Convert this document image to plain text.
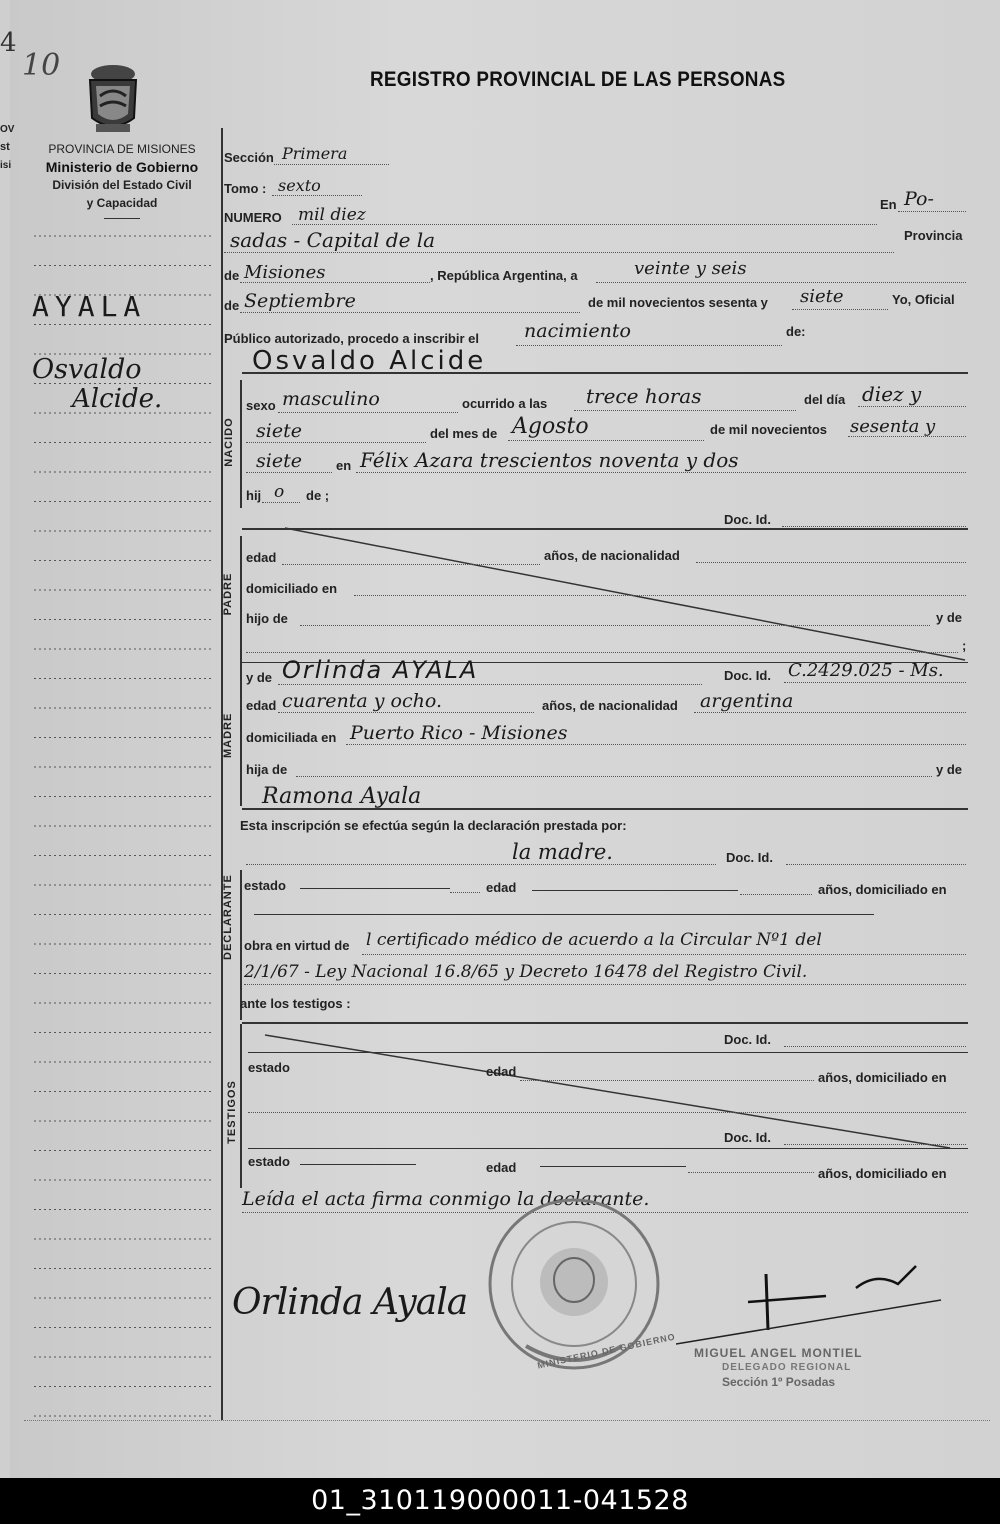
4
10
OV
st
isi
REGISTRO PROVINCIAL DE LAS PERSONAS
PROVINCIA DE MISIONES
Ministerio de Gobierno
División del Estado Civil
y Capacidad
AYALA
Osvaldo
Alcide.
Sección Primera
Tomo : sexto
NUMERO mil diez
En Po-
sadas - Capital de la	Provincia
de Misiones	, República Argentina, a	veinte y seis
de Septiembre	de mil novecientos sesenta y siete	Yo, Oficial
Público autorizado, procedo a inscribir el nacimiento	de:
Osvaldo Alcide
NACIDO
sexo masculino	ocurrido a las trece horas	del día diez y
siete	del mes de Agosto	de mil novecientos sesenta y
siete	en Félix Azara trescientos noventa y dos
hij o de ;
Doc. Id.
PADRE
edad	años, de nacionalidad
domiciliado en
hijo de	y de
;
MADRE
y de Orlinda AYALA	Doc. Id. C.2429.025 - Ms.
edad cuarenta y ocho.	años, de nacionalidad argentina
domiciliada en Puerto Rico - Misiones
hija de	y de
Ramona Ayala
Esta inscripción se efectúa según la declaración prestada por:
la madre.	Doc. Id.
DECLARANTE estado	edad	años, domiciliado en
obra en virtud de l certificado médico de acuerdo a la Circular Nº1 del
2/1/67 - Ley Nacional 16.8/65 y Decreto 16478 del Registro Civil.
ante los testigos :
TESTIGOS
Doc. Id.
estado	edad	años, domiciliado en
Doc. Id.
estado	edad	años, domiciliado en
Leída el acta firma conmigo la declarante.
MINISTERIO DE GOBIERNO
Orlinda Ayala
MIGUEL ANGEL MONTIEL
DELEGADO REGIONAL
Sección 1º Posadas
01_310119000011-041528
